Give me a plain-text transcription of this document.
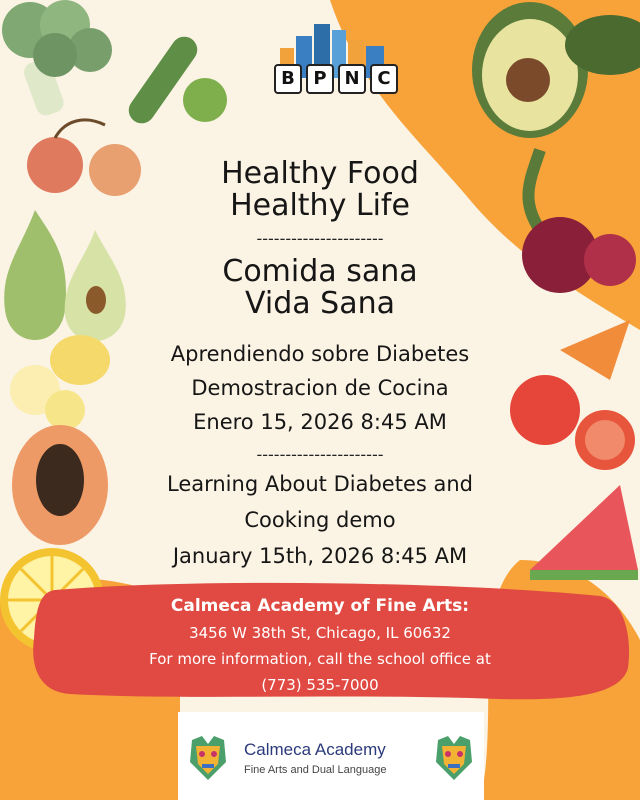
B	P N C
Healthy Food
Healthy Life
----------------------
Comida sana
Vida Sana
Aprendiendo sobre Diabetes
Demostracion de Cocina
Enero 15, 2026 8:45 AM
----------------------
Learning About Diabetes and
Cooking demo
January 15th, 2026 8:45 AM
Calmeca Academy of Fine Arts:
3456 W 38th St, Chicago, IL 60632
For more information, call the school office at
(773) 535-7000
Calmeca Academy
Fine Arts and Dual Language
